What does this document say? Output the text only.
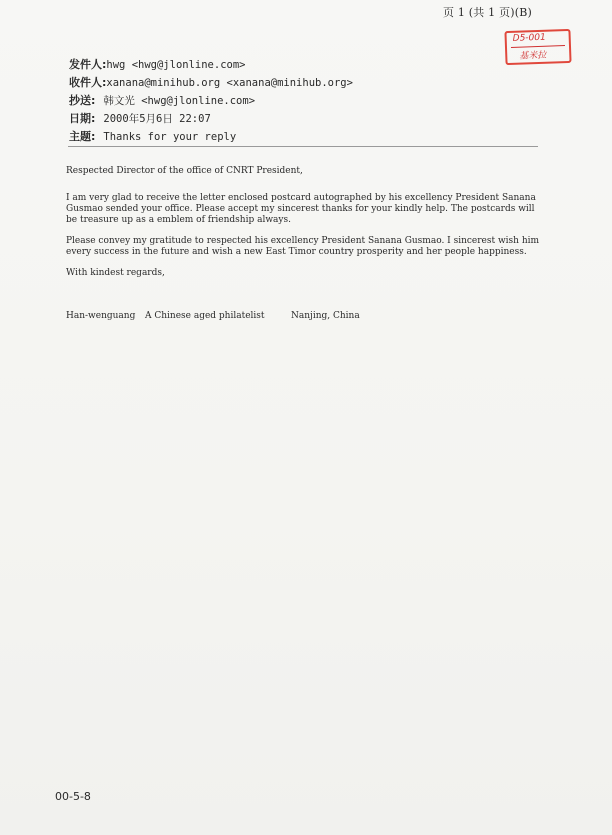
页 1 (共 1 页)(B)
D5-001
基米拉
发件人:hwg <hwg@jlonline.com>
收件人:xanana@minihub.org <xanana@minihub.org>
抄送: 韩文光 <hwg@jlonline.com>
日期: 2000年5月6日 22:07
主题: Thanks for your reply

Respected Director of the office of CNRT President,

I am very glad to receive the letter enclosed postcard autographed by his excellency President Sanana Gusmao sended your office. Please accept my sincerest thanks for your kindly help. The postcards will be treasure up as a emblem of friendship always.

Please convey my gratitude to respected his excellency President Sanana Gusmao. I sincerest wish him every success in the future and wish a new East Timor country prosperity and her people happiness.

With kindest regards,

Han-wenguang A Chinese aged philatelist	Nanjing, China
00-5-8
